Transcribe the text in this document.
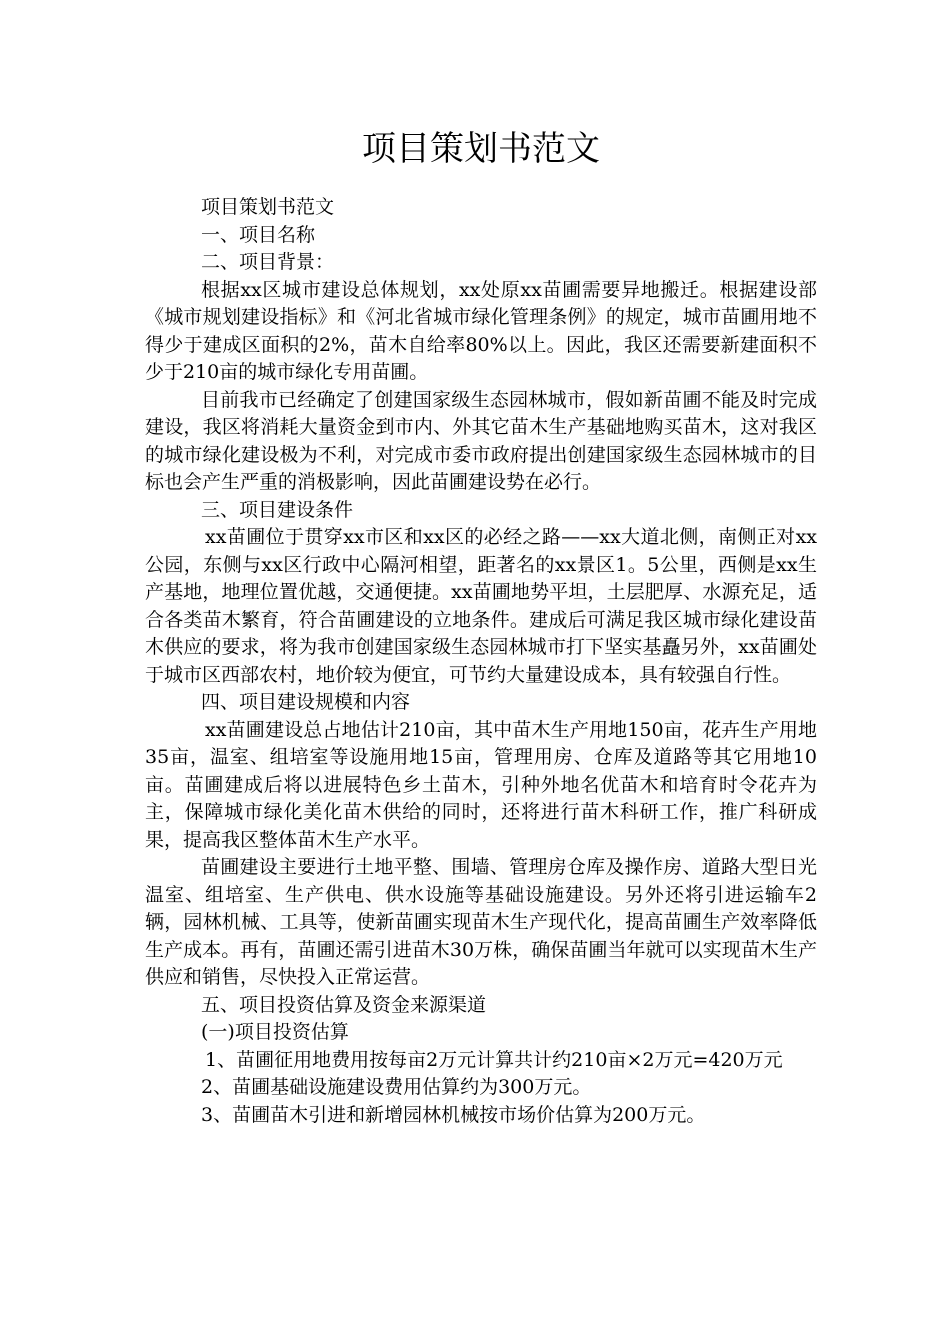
项目策划书范文

项目策划书范文

一、项目名称

二、项目背景：

根据xx区城市建设总体规划，xx处原xx苗圃需要异地搬迁。根据建设部《城市规划建设指标》和《河北省城市绿化管理条例》的规定，城市苗圃用地不得少于建成区面积的2%，苗木自给率80%以上。因此，我区还需要新建面积不少于210亩的城市绿化专用苗圃。

目前我市已经确定了创建国家级生态园林城市，假如新苗圃不能及时完成建设，我区将消耗大量资金到市内、外其它苗木生产基础地购买苗木，这对我区的城市绿化建设极为不利，对完成市委市政府提出创建国家级生态园林城市的目标也会产生严重的消极影响，因此苗圃建设势在必行。

三、项目建设条件

xx苗圃位于贯穿xx市区和xx区的必经之路——xx大道北侧，南侧正对xx公园，东侧与xx区行政中心隔河相望，距著名的xx景区1。5公里，西侧是xx生产基地，地理位置优越，交通便捷。xx苗圃地势平坦，土层肥厚、水源充足，适合各类苗木繁育，符合苗圃建设的立地条件。建成后可满足我区城市绿化建设苗木供应的要求，将为我市创建国家级生态园林城市打下坚实基矗另外，xx苗圃处于城市区西部农村，地价较为便宜，可节约大量建设成本，具有较强自行性。

四、项目建设规模和内容

xx苗圃建设总占地估计210亩，其中苗木生产用地150亩，花卉生产用地35亩，温室、组培室等设施用地15亩，管理用房、仓库及道路等其它用地10亩。苗圃建成后将以进展特色乡土苗木，引种外地名优苗木和培育时令花卉为主，保障城市绿化美化苗木供给的同时，还将进行苗木科研工作，推广科研成果，提高我区整体苗木生产水平。

苗圃建设主要进行土地平整、围墙、管理房仓库及操作房、道路大型日光温室、组培室、生产供电、供水设施等基础设施建设。另外还将引进运输车2辆，园林机械、工具等，使新苗圃实现苗木生产现代化，提高苗圃生产效率降低生产成本。再有，苗圃还需引进苗木30万株，确保苗圃当年就可以实现苗木生产供应和销售，尽快投入正常运营。

五、项目投资估算及资金来源渠道

(一)项目投资估算

1、苗圃征用地费用按每亩2万元计算共计约210亩×2万元=420万元

2、苗圃基础设施建设费用估算约为300万元。

3、苗圃苗木引进和新增园林机械按市场价估算为200万元。
